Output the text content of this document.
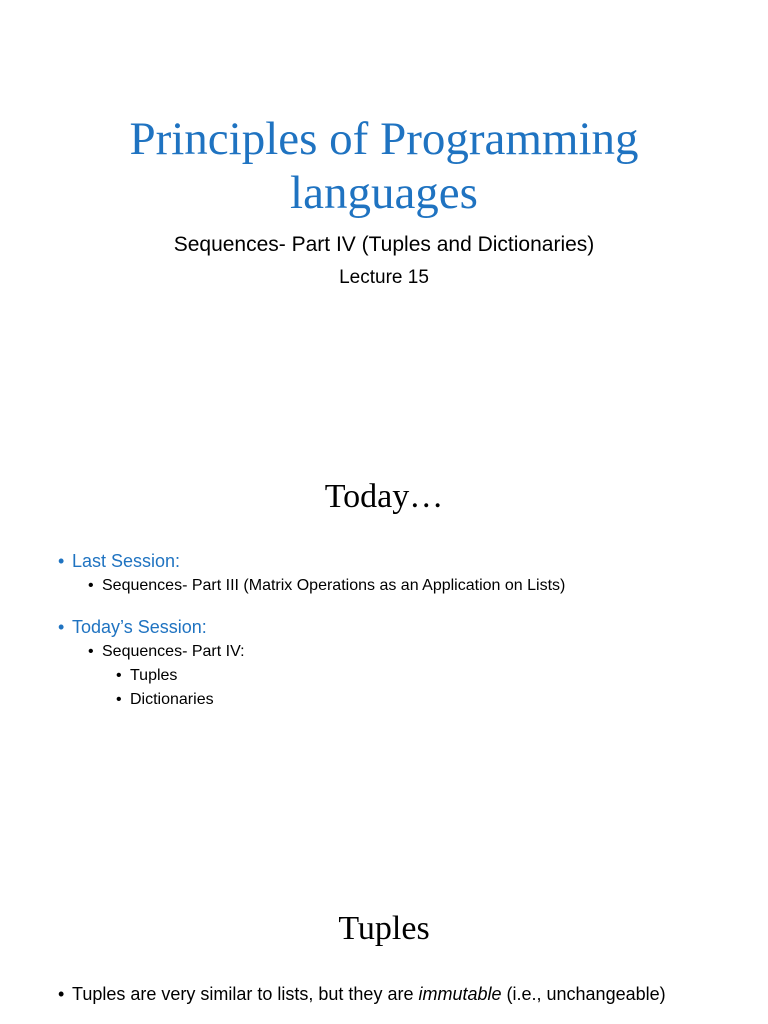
Principles of Programming
languages
Sequences- Part IV (Tuples and Dictionaries)
Lecture 15
Today…
• Last Session:
• Sequences- Part III (Matrix Operations as an Application on Lists)
• Today’s Session:
• Sequences- Part IV:
• Tuples
• Dictionaries
Tuples
• Tuples are very similar to lists, but they are immutable (i.e., unchangeable)
